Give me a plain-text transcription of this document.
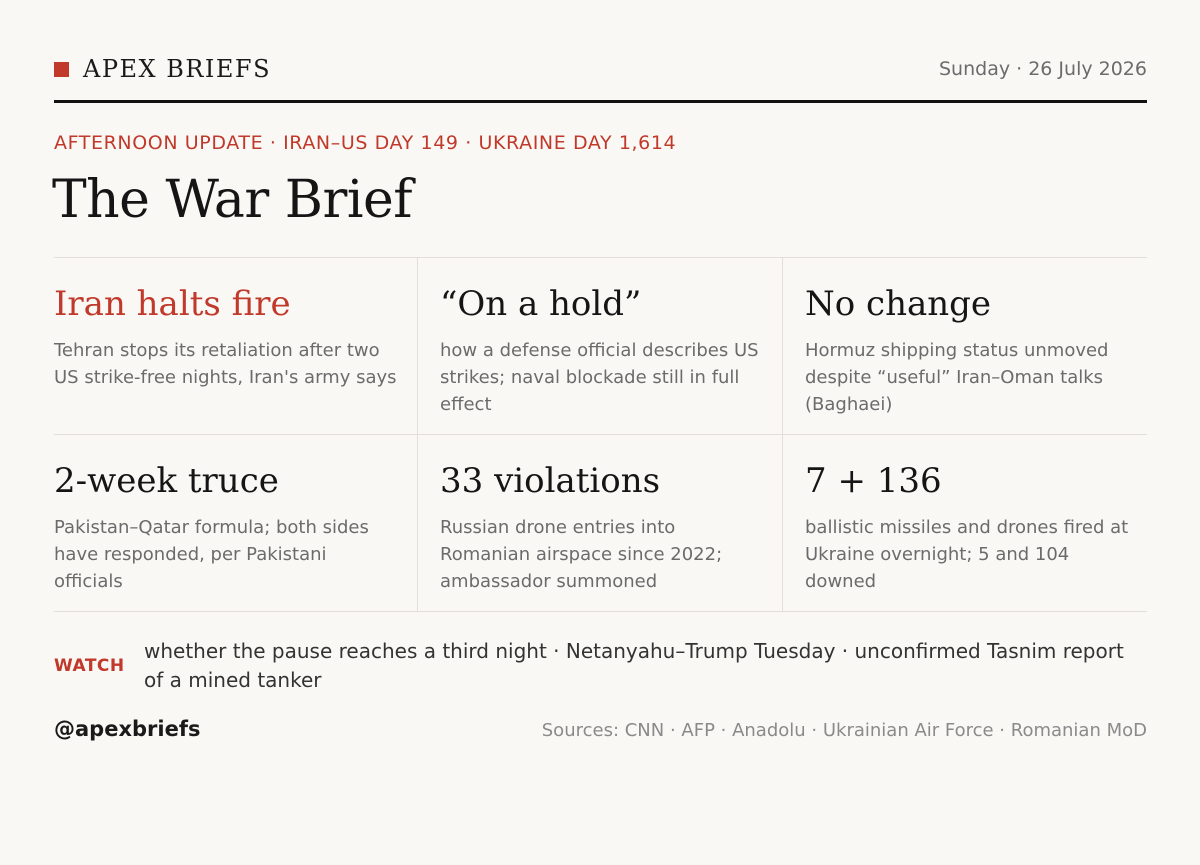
APEX BRIEFS	Sunday · 26 July 2026
AFTERNOON UPDATE · IRAN–US DAY 149 · UKRAINE DAY 1,614
The War Brief
Iran halts fire
Tehran stops its retaliation after two US strike-free nights, Iran's army says
“On a hold”
how a defense official describes US strikes; naval blockade still in full effect
No change
Hormuz shipping status unmoved despite “useful” Iran–Oman talks (Baghaei)
2-week truce
Pakistan–Qatar formula; both sides have responded, per Pakistani officials
33 violations
Russian drone entries into Romanian airspace since 2022; ambassador summoned
7 + 136
ballistic missiles and drones fired at Ukraine overnight; 5 and 104 downed
WATCH
whether the pause reaches a third night · Netanyahu–Trump Tuesday · unconfirmed Tasnim report of a mined tanker
@apexbriefs	Sources: CNN · AFP · Anadolu · Ukrainian Air Force · Romanian MoD
